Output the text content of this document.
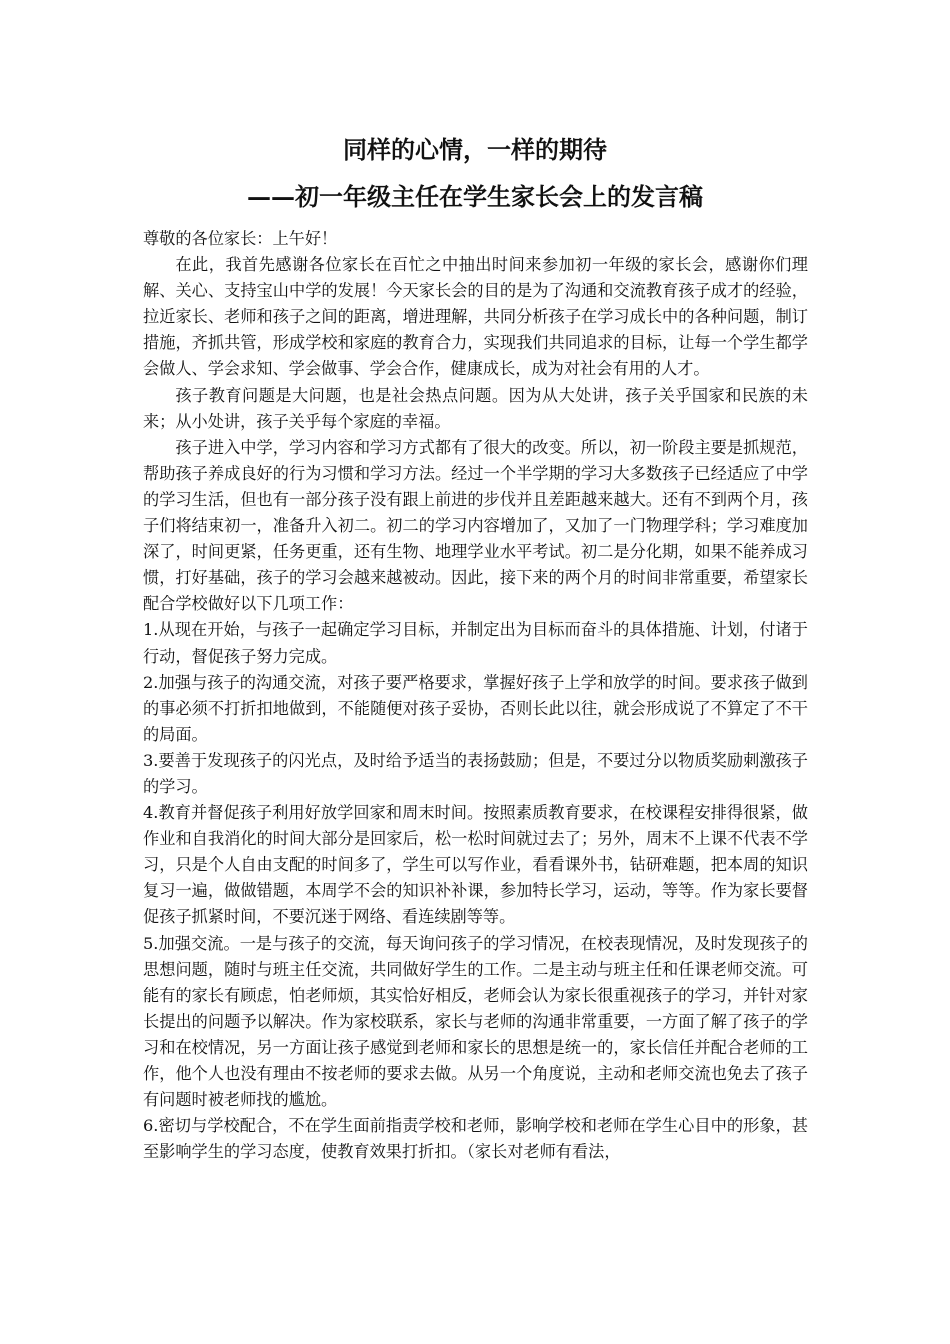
同样的心情，一样的期待
——初一年级主任在学生家长会上的发言稿

尊敬的各位家长：上午好！

在此，我首先感谢各位家长在百忙之中抽出时间来参加初一年级的家长会，感谢你们理解、关心、支持宝山中学的发展！今天家长会的目的是为了沟通和交流教育孩子成才的经验，拉近家长、老师和孩子之间的距离，增进理解，共同分析孩子在学习成长中的各种问题，制订措施，齐抓共管，形成学校和家庭的教育合力，实现我们共同追求的目标，让每一个学生都学会做人、学会求知、学会做事、学会合作，健康成长，成为对社会有用的人才。

孩子教育问题是大问题，也是社会热点问题。因为从大处讲，孩子关乎国家和民族的未来；从小处讲，孩子关乎每个家庭的幸福。

孩子进入中学，学习内容和学习方式都有了很大的改变。所以，初一阶段主要是抓规范，帮助孩子养成良好的行为习惯和学习方法。经过一个半学期的学习大多数孩子已经适应了中学的学习生活，但也有一部分孩子没有跟上前进的步伐并且差距越来越大。还有不到两个月，孩子们将结束初一，准备升入初二。初二的学习内容增加了，又加了一门物理学科；学习难度加深了，时间更紧，任务更重，还有生物、地理学业水平考试。初二是分化期，如果不能养成习惯，打好基础，孩子的学习会越来越被动。因此，接下来的两个月的时间非常重要，希望家长配合学校做好以下几项工作：

1.从现在开始，与孩子一起确定学习目标，并制定出为目标而奋斗的具体措施、计划，付诸于行动，督促孩子努力完成。

2.加强与孩子的沟通交流，对孩子要严格要求，掌握好孩子上学和放学的时间。要求孩子做到的事必须不打折扣地做到，不能随便对孩子妥协，否则长此以往，就会形成说了不算定了不干的局面。

3.要善于发现孩子的闪光点，及时给予适当的表扬鼓励；但是，不要过分以物质奖励刺激孩子的学习。

4.教育并督促孩子利用好放学回家和周末时间。按照素质教育要求，在校课程安排得很紧，做作业和自我消化的时间大部分是回家后，松一松时间就过去了；另外，周末不上课不代表不学习，只是个人自由支配的时间多了，学生可以写作业，看看课外书，钻研难题，把本周的知识复习一遍，做做错题，本周学不会的知识补补课，参加特长学习，运动，等等。作为家长要督促孩子抓紧时间，不要沉迷于网络、看连续剧等等。

5.加强交流。一是与孩子的交流，每天询问孩子的学习情况，在校表现情况，及时发现孩子的思想问题，随时与班主任交流，共同做好学生的工作。二是主动与班主任和任课老师交流。可能有的家长有顾虑，怕老师烦，其实恰好相反，老师会认为家长很重视孩子的学习，并针对家长提出的问题予以解决。作为家校联系，家长与老师的沟通非常重要，一方面了解了孩子的学习和在校情况，另一方面让孩子感觉到老师和家长的思想是统一的，家长信任并配合老师的工作，他个人也没有理由不按老师的要求去做。从另一个角度说，主动和老师交流也免去了孩子有问题时被老师找的尴尬。

6.密切与学校配合，不在学生面前指责学校和老师，影响学校和老师在学生心目中的形象，甚至影响学生的学习态度，使教育效果打折扣。（家长对老师有看法，
